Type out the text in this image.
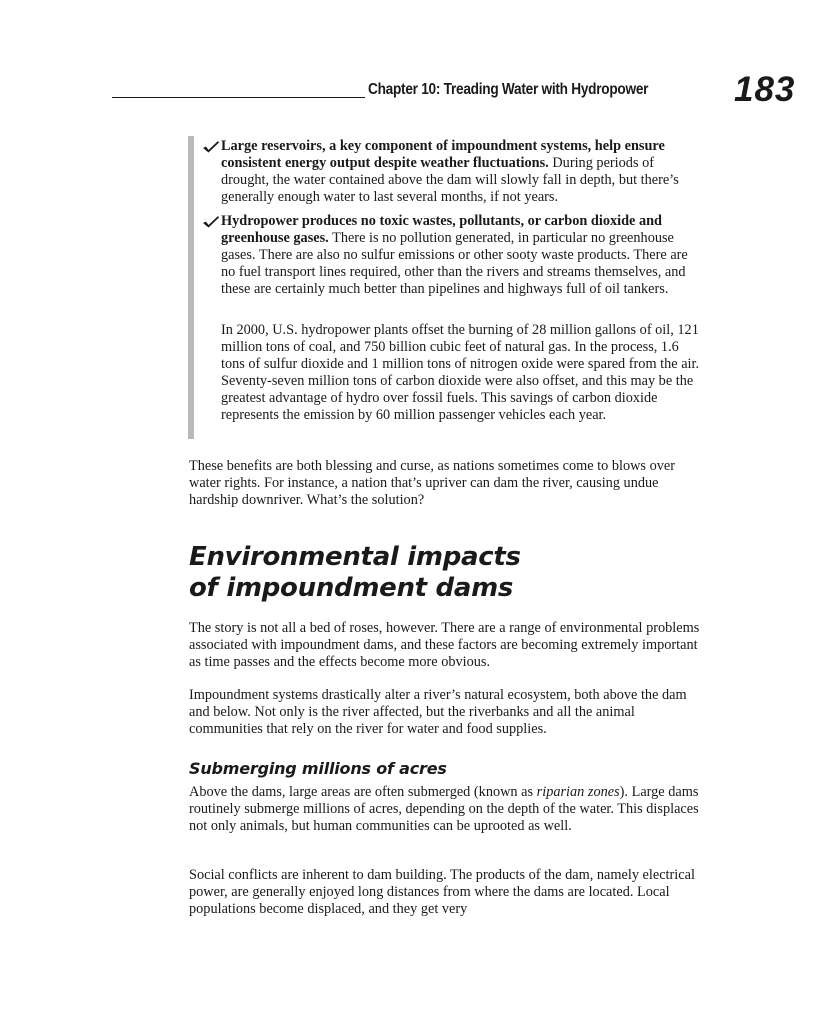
Chapter 10: Treading Water with Hydropower 183
Large reservoirs, a key component of impoundment systems, help ensure consistent energy output despite weather fluctuations. During periods of drought, the water contained above the dam will slowly fall in depth, but there’s generally enough water to last several months, if not years.
Hydropower produces no toxic wastes, pollutants, or carbon dioxide and greenhouse gases. There is no pollution generated, in particular no greenhouse gases. There are also no sulfur emissions or other sooty waste products. There are no fuel transport lines required, other than the rivers and streams themselves, and these are certainly much better than pipelines and highways full of oil tankers.
In 2000, U.S. hydropower plants offset the burning of 28 million gallons of oil, 121 million tons of coal, and 750 billion cubic feet of natural gas. In the process, 1.6 tons of sulfur dioxide and 1 million tons of nitrogen oxide were spared from the air. Seventy-seven million tons of carbon dioxide were also offset, and this may be the greatest advantage of hydro over fossil fuels. This savings of carbon dioxide represents the emission by 60 million passenger vehicles each year.
These benefits are both blessing and curse, as nations sometimes come to blows over water rights. For instance, a nation that’s upriver can dam the river, causing undue hardship downriver. What’s the solution?
Environmental impacts
of impoundment dams
The story is not all a bed of roses, however. There are a range of environmental problems associated with impoundment dams, and these factors are becoming extremely important as time passes and the effects become more obvious.
Impoundment systems drastically alter a river’s natural ecosystem, both above the dam and below. Not only is the river affected, but the riverbanks and all the animal communities that rely on the river for water and food supplies.
Submerging millions of acres
Above the dams, large areas are often submerged (known as riparian zones). Large dams routinely submerge millions of acres, depending on the depth of the water. This displaces not only animals, but human communities can be uprooted as well.
Social conflicts are inherent to dam building. The products of the dam, namely electrical power, are generally enjoyed long distances from where the dams are located. Local populations become displaced, and they get very
